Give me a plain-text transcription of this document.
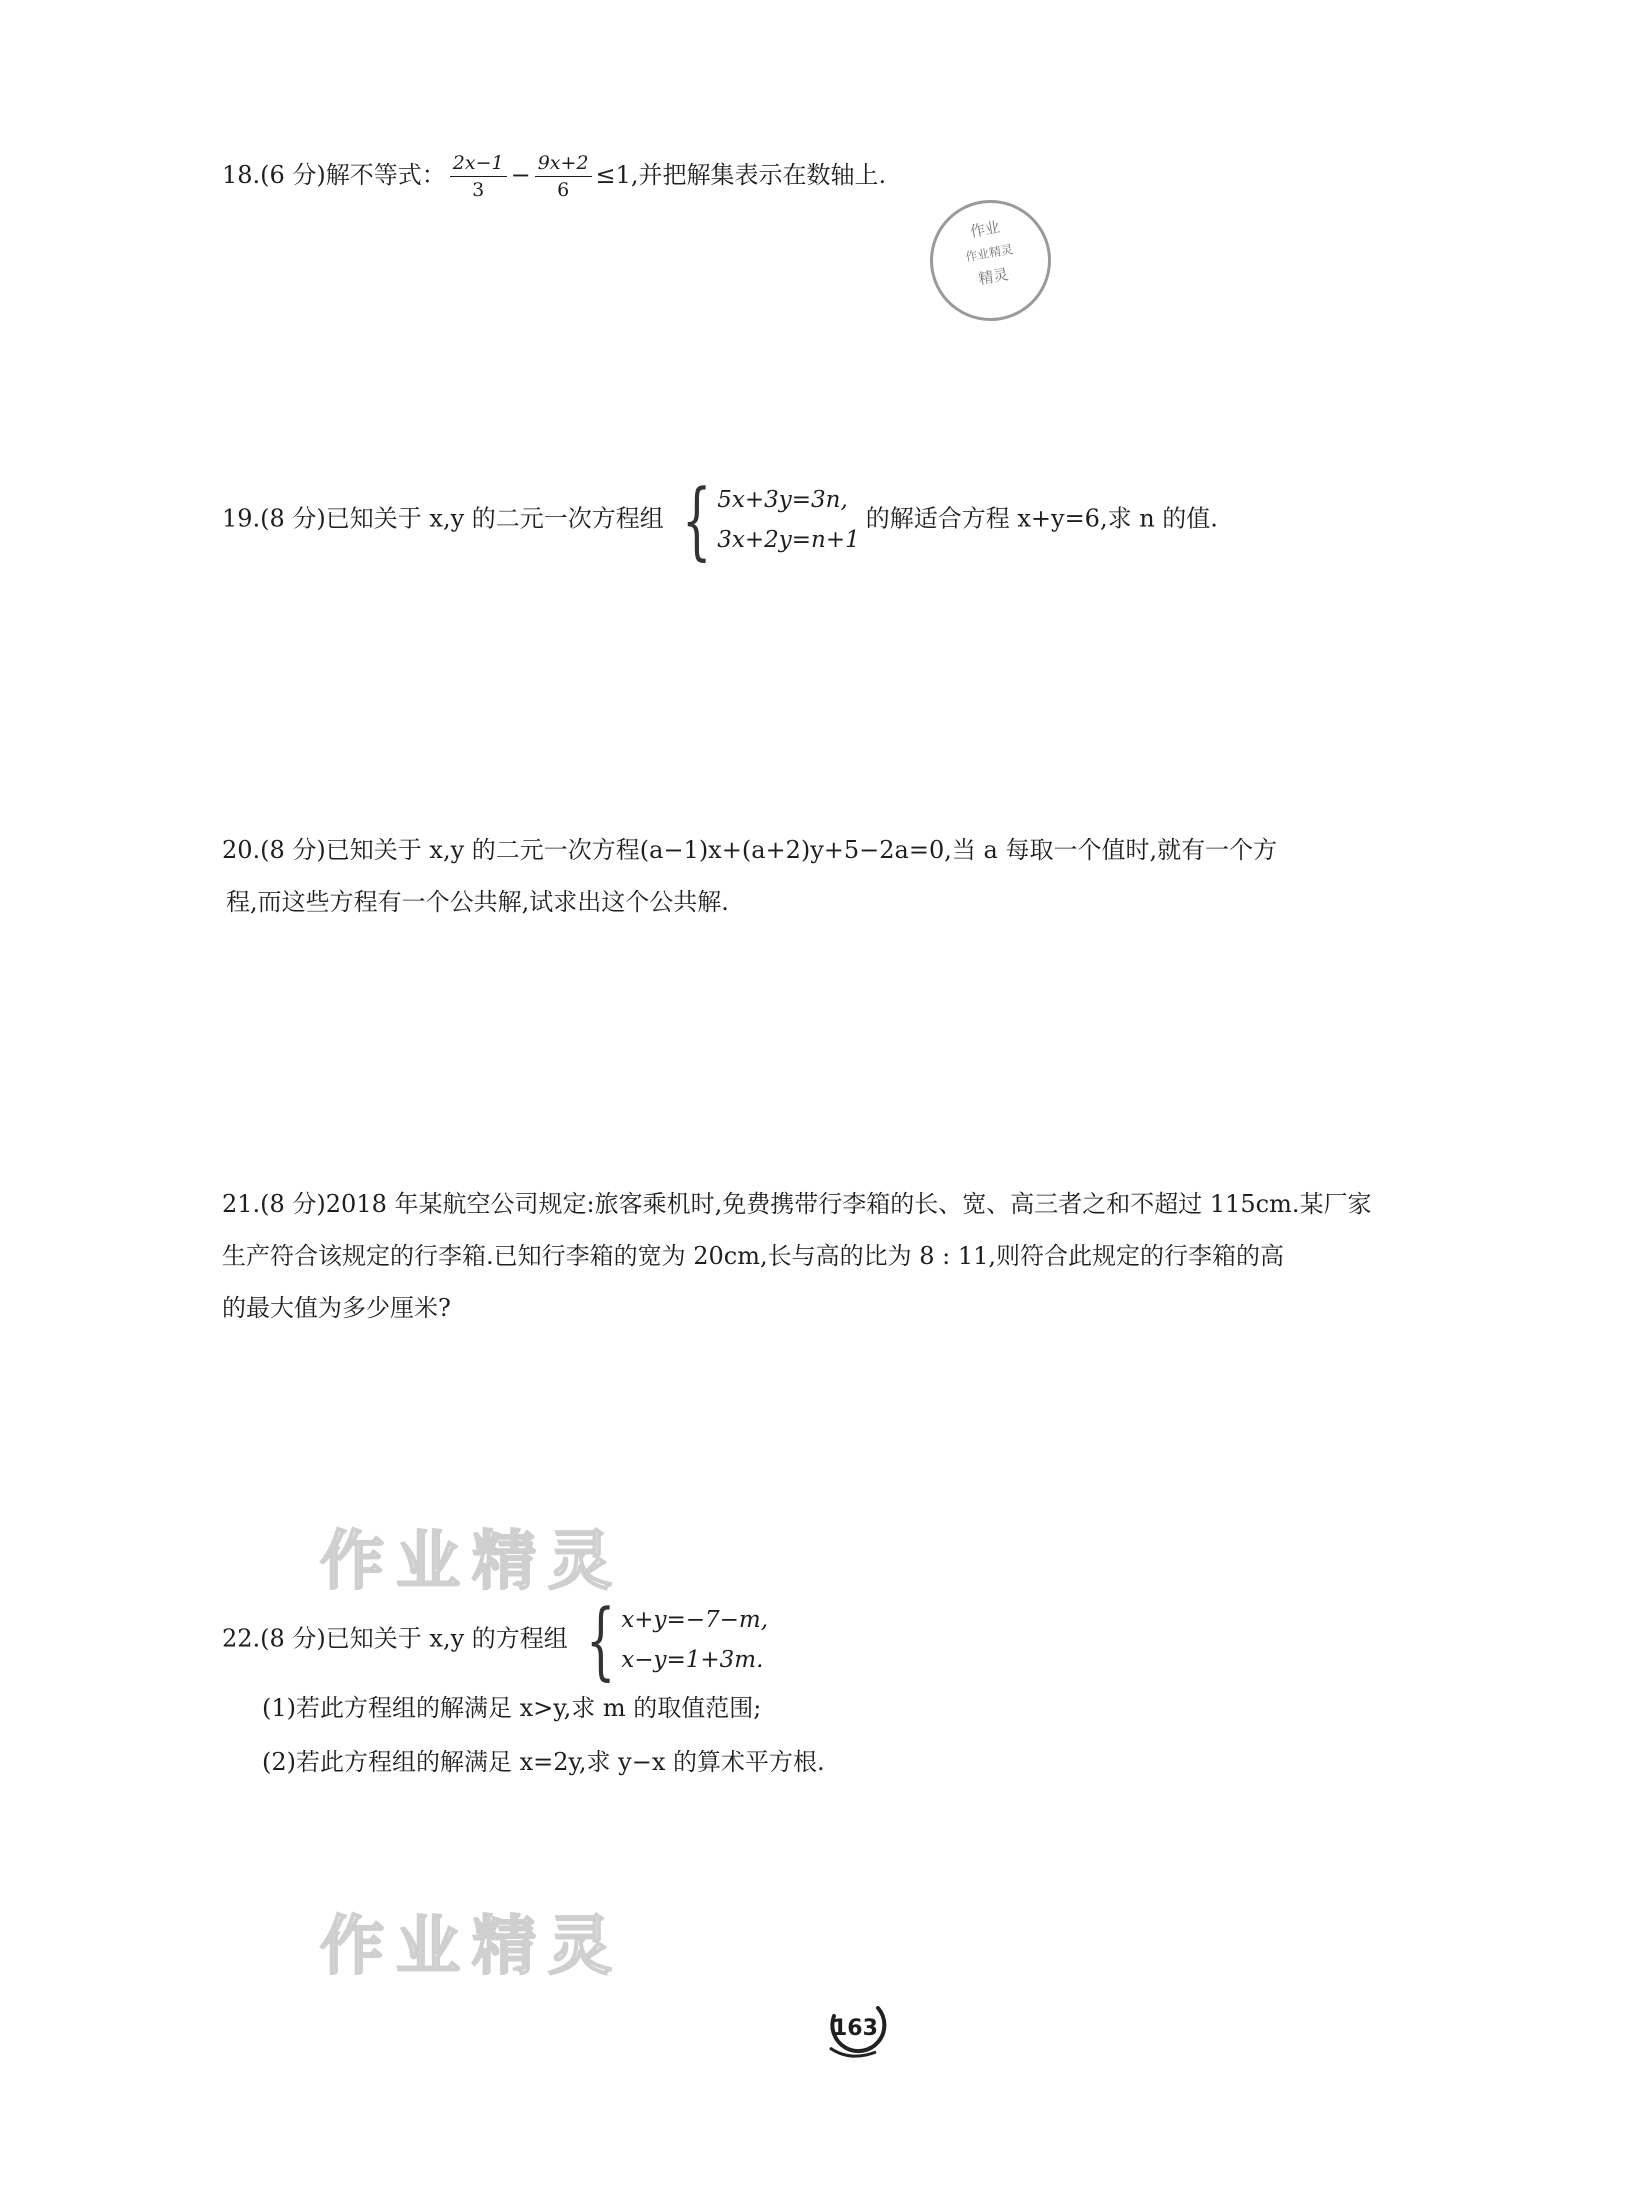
18.(6 分)解不等式： $\frac{2x-1}{3} - \frac{9x+2}{6} \le 1$,并把解集表示在数轴上.
作业
作业精灵
精灵
19.(8 分)已知关于 x,y 的二元一次方程组 { 5x+3y=3n,
3x+2y=n+1
的解适合方程 x+y=6,求 n 的值.
20.(8 分)已知关于 x,y 的二元一次方程(a−1)x+(a+2)y+5−2a=0,当 a 每取一个值时,就有一个方
程,而这些方程有一个公共解,试求出这个公共解.
21.(8 分)2018 年某航空公司规定:旅客乘机时,免费携带行李箱的长、宽、高三者之和不超过 115cm.某厂家
生产符合该规定的行李箱.已知行李箱的宽为 20cm,长与高的比为 8 : 11,则符合此规定的行李箱的高
的最大值为多少厘米?
作业精灵
22.(8 分)已知关于 x,y 的方程组 { x+y=−7−m,
x−y=1+3m.
(1)若此方程组的解满足 x>y,求 m 的取值范围;
(2)若此方程组的解满足 x=2y,求 y−x 的算术平方根.
作业精灵
163
